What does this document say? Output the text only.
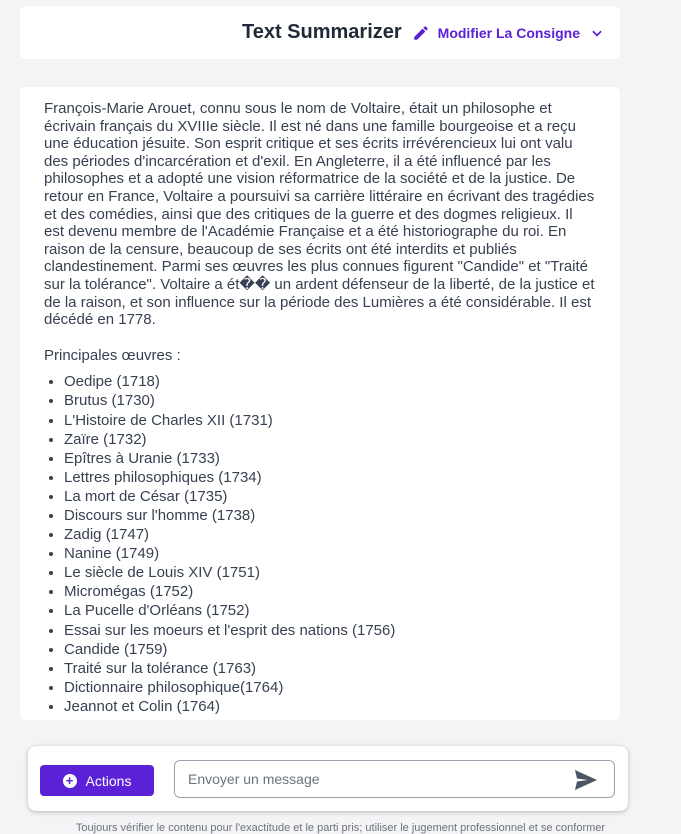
Text Summarizer	Modifier La Consigne

François-Marie Arouet, connu sous le nom de Voltaire, était un philosophe et écrivain français du XVIIIe siècle. Il est né dans une famille bourgeoise et a reçu une éducation jésuite. Son esprit critique et ses écrits irrévérencieux lui ont valu des périodes d'incarcération et d'exil. En Angleterre, il a été influencé par les philosophes et a adopté une vision réformatrice de la société et de la justice. De retour en France, Voltaire a poursuivi sa carrière littéraire en écrivant des tragédies et des comédies, ainsi que des critiques de la guerre et des dogmes religieux. Il est devenu membre de l'Académie Française et a été historiographe du roi. En raison de la censure, beaucoup de ses écrits ont été interdits et publiés clandestinement. Parmi ses œuvres les plus connues figurent "Candide" et "Traité sur la tolérance". Voltaire a ét�� un ardent défenseur de la liberté, de la justice et de la raison, et son influence sur la période des Lumières a été considérable. Il est décédé en 1778.

Principales œuvres :

• Oedipe (1718)
• Brutus (1730)
• L'Histoire de Charles XII (1731)
• Zaïre (1732)
• Epîtres à Uranie (1733)
• Lettres philosophiques (1734)
• La mort de César (1735)
• Discours sur l'homme (1738)
• Zadig (1747)
• Nanine (1749)
• Le siècle de Louis XIV (1751)
• Micromégas (1752)
• La Pucelle d'Orléans (1752)
• Essai sur les moeurs et l'esprit des nations (1756)
• Candide (1759)
• Traité sur la tolérance (1763)
• Dictionnaire philosophique(1764)
• Jeannot et Colin (1764)
+ Actions
Envoyer un message
Toujours vérifier le contenu pour l'exactitude et le parti pris; utiliser le jugement professionnel et se conformer
